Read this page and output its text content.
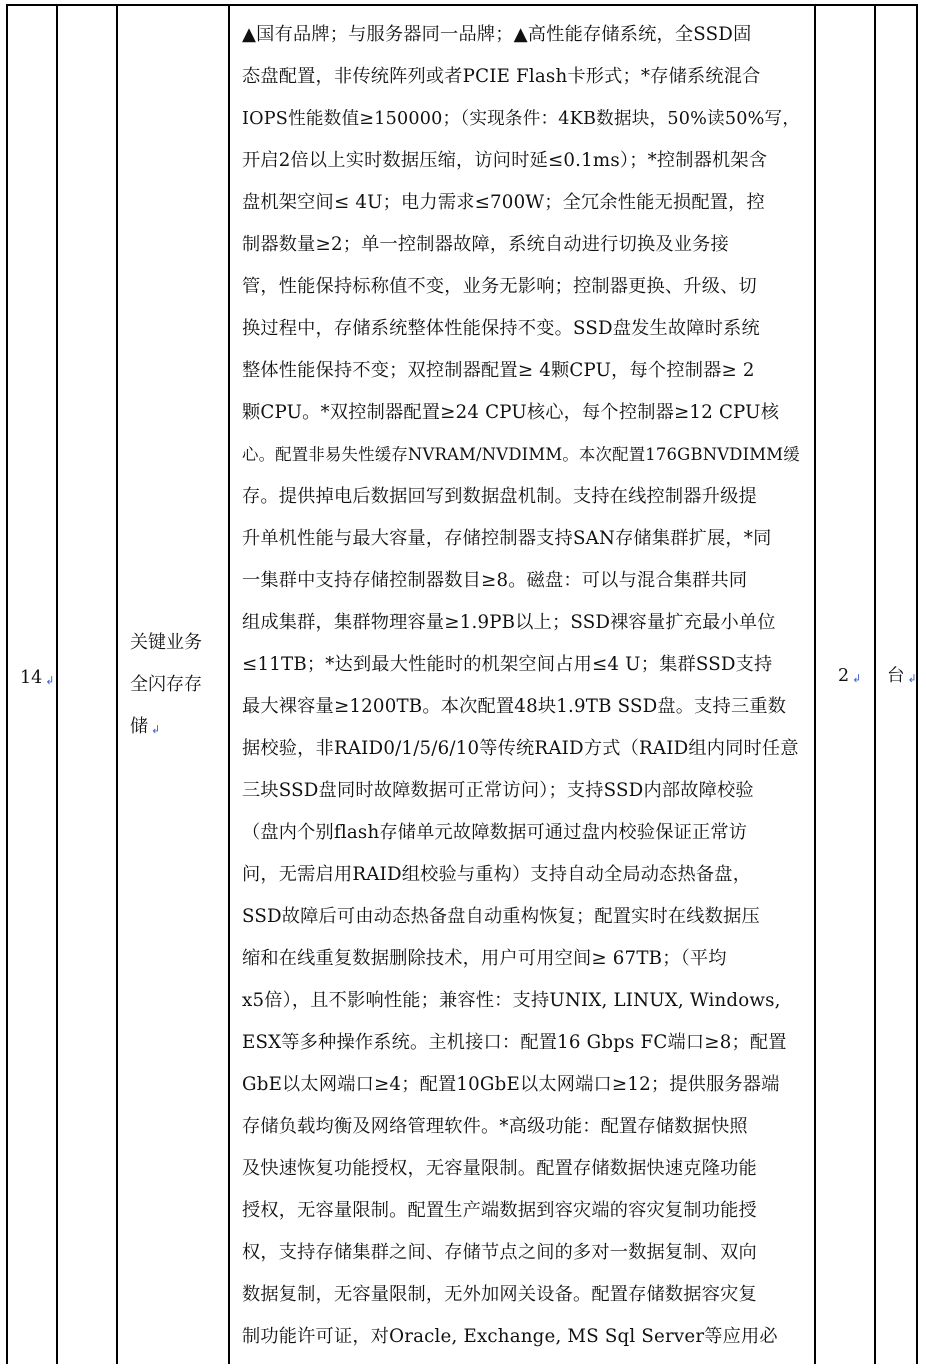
14 ↲
关键业务
全闪存存
储 ↲
▲国有品牌；与服务器同一品牌；▲高性能存储系统，全SSD固
态盘配置，非传统阵列或者PCIE Flash卡形式；*存储系统混合
IOPS性能数值≥150000；（实现条件：4KB数据块，50%读50%写，
开启2倍以上实时数据压缩，访问时延≤0.1ms）；*控制器机架含
盘机架空间≤ 4U；电力需求≤700W；全冗余性能无损配置，控
制器数量≥2；单一控制器故障，系统自动进行切换及业务接
管，性能保持标称值不变，业务无影响；控制器更换、升级、切
换过程中，存储系统整体性能保持不变。SSD盘发生故障时系统
整体性能保持不变；双控制器配置≥ 4颗CPU，每个控制器≥ 2
颗CPU。*双控制器配置≥24 CPU核心，每个控制器≥12 CPU核
心。配置非易失性缓存NVRAM/NVDIMM。本次配置176GBNVDIMM缓
存。提供掉电后数据回写到数据盘机制。支持在线控制器升级提
升单机性能与最大容量，存储控制器支持SAN存储集群扩展，*同
一集群中支持存储控制器数目≥8。磁盘：可以与混合集群共同
组成集群，集群物理容量≥1.9PB以上；SSD裸容量扩充最小单位
≤11TB；*达到最大性能时的机架空间占用≤4 U；集群SSD支持
最大裸容量≥1200TB。本次配置48块1.9TB SSD盘。支持三重数
据校验，非RAID0/1/5/6/10等传统RAID方式（RAID组内同时任意
三块SSD盘同时故障数据可正常访问）；支持SSD内部故障校验
（盘内个别flash存储单元故障数据可通过盘内校验保证正常访
问，无需启用RAID组校验与重构）支持自动全局动态热备盘，
SSD故障后可由动态热备盘自动重构恢复；配置实时在线数据压
缩和在线重复数据删除技术，用户可用空间≥ 67TB；（平均
x5倍），且不影响性能；兼容性：支持UNIX, LINUX, Windows,
ESX等多种操作系统。主机接口：配置16 Gbps FC端口≥8；配置
GbE以太网端口≥4；配置10GbE以太网端口≥12；提供服务器端
存储负载均衡及网络管理软件。*高级功能：配置存储数据快照
及快速恢复功能授权，无容量限制。配置存储数据快速克隆功能
授权，无容量限制。配置生产端数据到容灾端的容灾复制功能授
权，支持存储集群之间、存储节点之间的多对一数据复制、双向
数据复制，无容量限制，无外加网关设备。配置存储数据容灾复
制功能许可证，对Oracle, Exchange, MS Sql Server等应用必
2 ↲ 台 ↲
